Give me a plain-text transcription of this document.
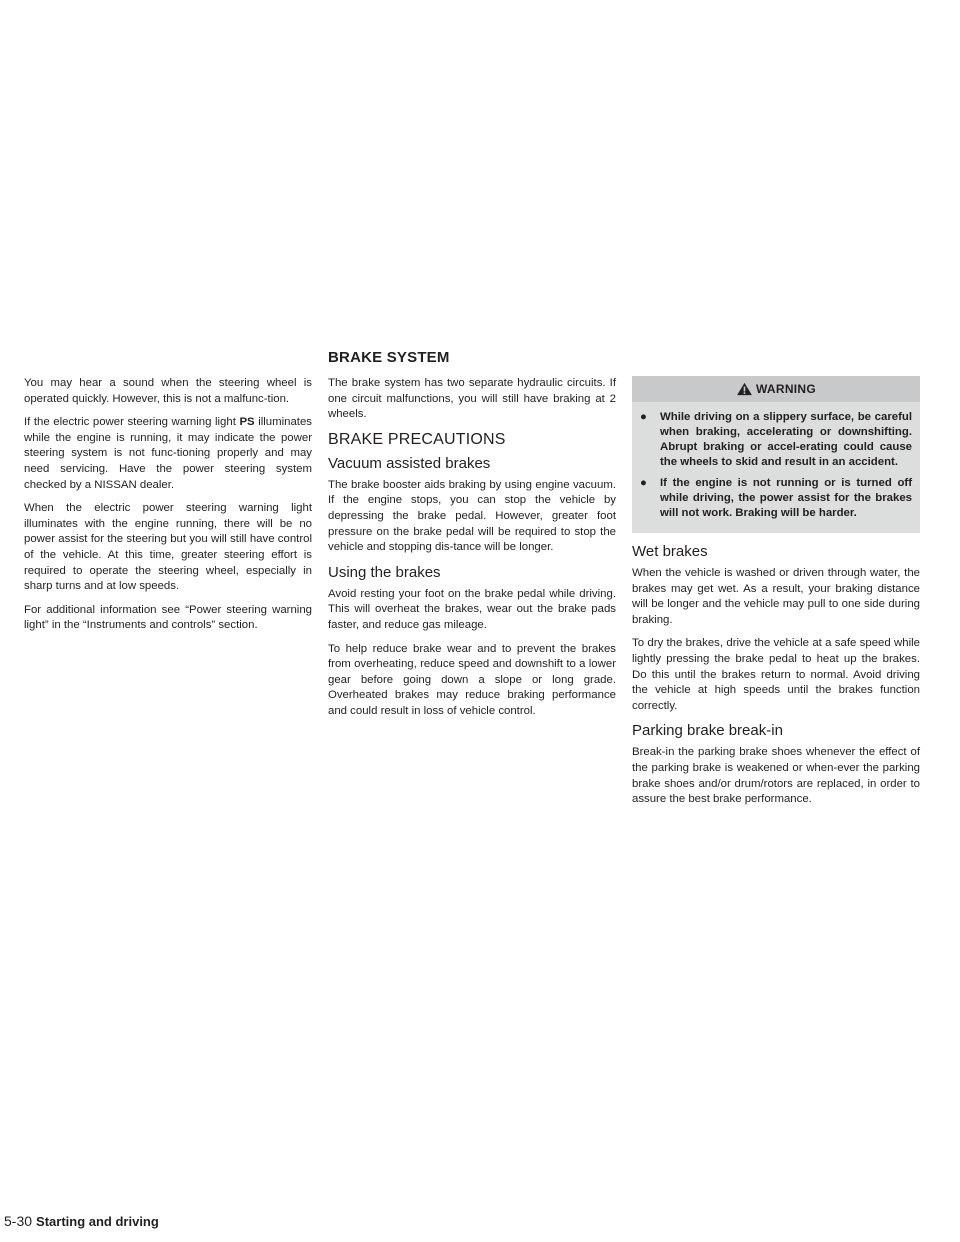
BRAKE SYSTEM

You may hear a sound when the steering wheel is operated quickly. However, this is not a malfunc-tion.

If the electric power steering warning light PS illuminates while the engine is running, it may indicate the power steering system is not func-tioning properly and may need servicing. Have the power steering system checked by a NISSAN dealer.

When the electric power steering warning light illuminates with the engine running, there will be no power assist for the steering but you will still have control of the vehicle. At this time, greater steering effort is required to operate the steering wheel, especially in sharp turns and at low speeds.

For additional information see “Power steering warning light” in the “Instruments and controls” section.

The brake system has two separate hydraulic circuits. If one circuit malfunctions, you will still have braking at 2 wheels.

BRAKE PRECAUTIONS
Vacuum assisted brakes

The brake booster aids braking by using engine vacuum. If the engine stops, you can stop the vehicle by depressing the brake pedal. However, greater foot pressure on the brake pedal will be required to stop the vehicle and stopping dis-tance will be longer.

Using the brakes

Avoid resting your foot on the brake pedal while driving. This will overheat the brakes, wear out the brake pads faster, and reduce gas mileage.

To help reduce brake wear and to prevent the brakes from overheating, reduce speed and downshift to a lower gear before going down a slope or long grade. Overheated brakes may reduce braking performance and could result in loss of vehicle control.

WARNING
● While driving on a slippery surface, be careful when braking, accelerating or downshifting. Abrupt braking or accel-erating could cause the wheels to skid and result in an accident.
● If the engine is not running or is turned off while driving, the power assist for the brakes will not work. Braking will be harder.
Wet brakes

When the vehicle is washed or driven through water, the brakes may get wet. As a result, your braking distance will be longer and the vehicle may pull to one side during braking.

To dry the brakes, drive the vehicle at a safe speed while lightly pressing the brake pedal to heat up the brakes. Do this until the brakes return to normal. Avoid driving the vehicle at high speeds until the brakes function correctly.

Parking brake break-in

Break-in the parking brake shoes whenever the effect of the parking brake is weakened or when-ever the parking brake shoes and/or drum/rotors are replaced, in order to assure the best brake performance.

5-30 Starting and driving
